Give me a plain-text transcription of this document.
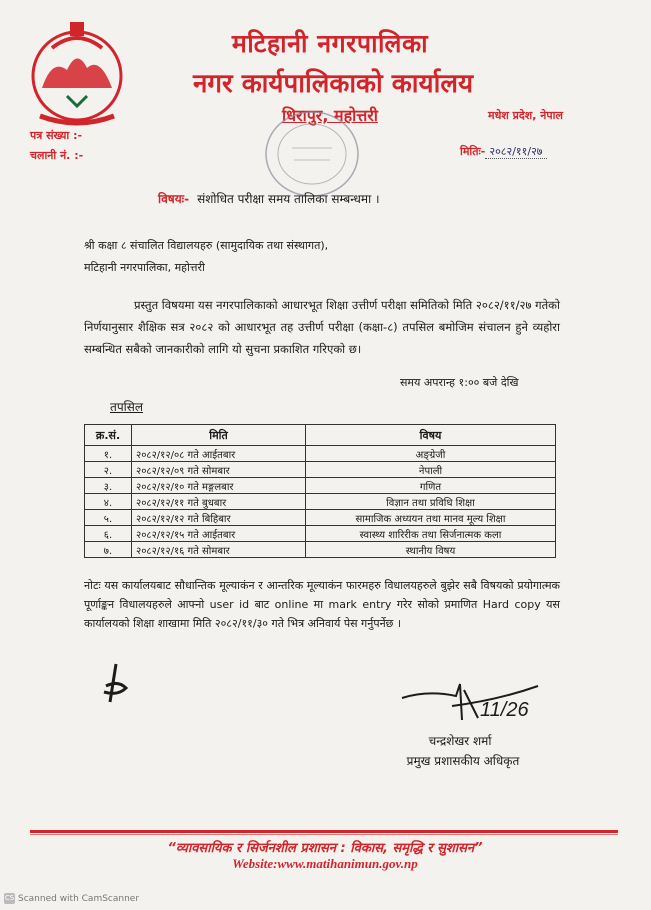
मटिहानी नगरपालिका
नगर कार्यपालिकाको कार्यालय
धिरापुर, महोत्तरी	मधेश प्रदेश, नेपाल
पत्र संख्या :-
चलानी नं. :-	मितिः- २०८२/११/२७
विषयः- संशोधित परीक्षा समय तालिका सम्बन्धमा ।
श्री कक्षा ८ संचालित विद्यालयहरु (सामुदायिक तथा संस्थागत),
मटिहानी नगरपालिका, महोत्तरी
प्रस्तुत विषयमा यस नगरपालिकाको आधारभूत शिक्षा उत्तीर्ण परीक्षा समितिको मिति २०८२/११/२७ गतेको निर्णयानुसार शैक्षिक सत्र २०८२ को आधारभूत तह उत्तीर्ण परीक्षा (कक्षा-८) तपसिल बमोजिम संचालन हुने व्यहोरा सम्बन्धित सबैको जानकारीको लागि यो सुचना प्रकाशित गरिएको छ।
समय अपरान्ह १:०० बजे देखि
तपसिल
क्र.सं.	मिति	विषय
१.	२०८२/१२/०८ गते आईतबार	अङ्ग्रेजी
२.	२०८२/१२/०९ गते सोमबार	नेपाली
३.	२०८२/१२/१० गते मङ्गलबार	गणित
४.	२०८२/१२/११ गते बुधबार	विज्ञान तथा प्रविधि शिक्षा
५.	२०८२/१२/१२ गते बिहिबार	सामाजिक अध्ययन तथा मानव मूल्य शिक्षा
६.	२०८२/१२/१५ गते आईतबार	स्वास्थ्य शारिरीक तथा सिर्जनात्मक कला
७.	२०८२/१२/१६ गते सोमबार	स्थानीय विषय
नोटः यस कार्यालयबाट सौधान्तिक मूल्याकंन र आन्तरिक मूल्याकंन फारमहरु विधालयहरुले बुझेर सबै विषयको प्रयोगात्मक पूर्णाङ्कन विधालयहरुले आफ्नो user id बाट online मा mark entry गरेर सोको प्रमाणित Hard copy यस कार्यालयको शिक्षा शाखामा मिति २०८२/११/३० गते भित्र अनिवार्य पेस गर्नुपर्नेछ ।
11/26
चन्द्रशेखर शर्मा
प्रमुख प्रशासकीय अधिकृत
“व्यावसायिक र सिर्जनशील प्रशासन : विकास, समृद्धि र सुशासन”
Website:www.matihanimun.gov.np
CS Scanned with CamScanner
